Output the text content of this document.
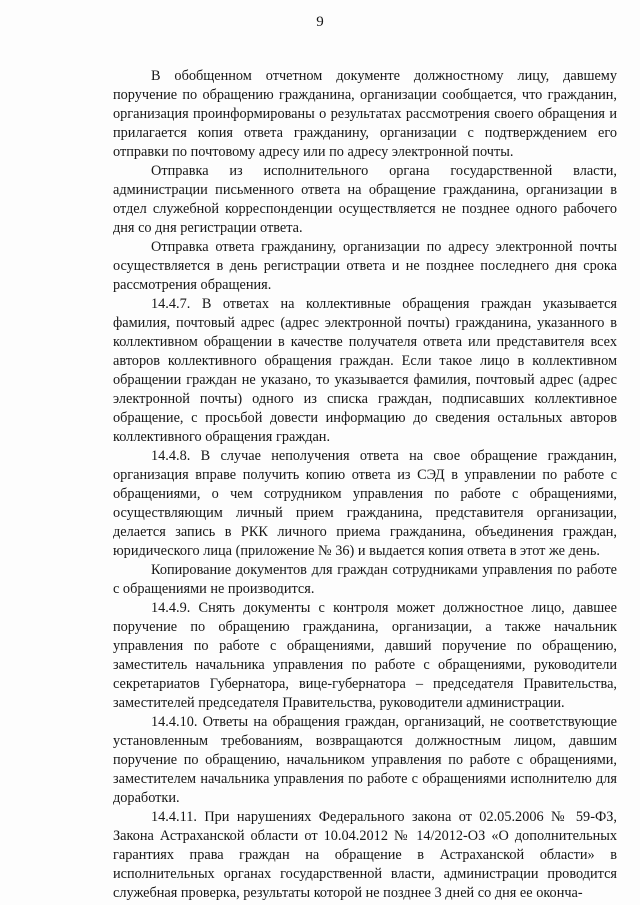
9

В обобщенном отчетном документе должностному лицу, давшему поручение по обращению гражданина, организации сообщается, что гражданин, организация проинформированы о результатах рассмотрения своего обращения и прилагается копия ответа гражданину, организации с подтверждением его отправки по почтовому адресу или по адресу электронной почты.

Отправка из исполнительного органа государственной власти, администрации письменного ответа на обращение гражданина, организации в отдел служебной корреспонденции осуществляется не позднее одного рабочего дня со дня регистрации ответа.

Отправка ответа гражданину, организации по адресу электронной почты осуществляется в день регистрации ответа и не позднее последнего дня срока рассмотрения обращения.

14.4.7. В ответах на коллективные обращения граждан указывается фамилия, почтовый адрес (адрес электронной почты) гражданина, указанного в коллективном обращении в качестве получателя ответа или представителя всех авторов коллективного обращения граждан. Если такое лицо в коллективном обращении граждан не указано, то указывается фамилия, почтовый адрес (адрес электронной почты) одного из списка граждан, подписавших коллективное обращение, с просьбой довести информацию до сведения остальных авторов коллективного обращения граждан.

14.4.8. В случае неполучения ответа на свое обращение гражданин, организация вправе получить копию ответа из СЭД в управлении по работе с обращениями, о чем сотрудником управления по работе с обращениями, осуществляющим личный прием гражданина, представителя организации, делается запись в РКК личного приема гражданина, объединения граждан, юридического лица (приложение № 36) и выдается копия ответа в этот же день.

Копирование документов для граждан сотрудниками управления по работе с обращениями не производится.

14.4.9. Снять документы с контроля может должностное лицо, давшее поручение по обращению гражданина, организации, а также начальник управления по работе с обращениями, давший поручение по обращению, заместитель начальника управления по работе с обращениями, руководители секретариатов Губернатора, вице-губернатора – председателя Правительства, заместителей председателя Правительства, руководители администрации.

14.4.10. Ответы на обращения граждан, организаций, не соответствующие установленным требованиям, возвращаются должностным лицом, давшим поручение по обращению, начальником управления по работе с обращениями, заместителем начальника управления по работе с обращениями исполнителю для доработки.

14.4.11. При нарушениях Федерального закона от 02.05.2006 № 59-ФЗ, Закона Астраханской области от 10.04.2012 № 14/2012-ОЗ «О дополнительных гарантиях права граждан на обращение в Астраханской области» в исполнительных органах государственной власти, администрации проводится служебная проверка, результаты которой не позднее 3 дней со дня ее оконча-
